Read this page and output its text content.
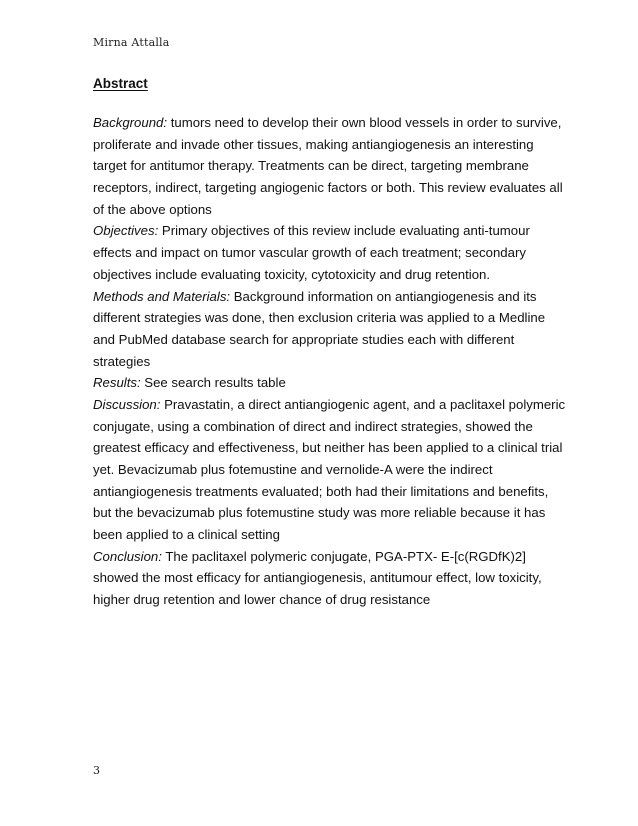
Mirna Attalla
Abstract
Background: tumors need to develop their own blood vessels in order to survive,
proliferate and invade other tissues, making antiangiogenesis an interesting
target for antitumor therapy. Treatments can be direct, targeting membrane
receptors, indirect, targeting angiogenic factors or both. This review evaluates all
of the above options
Objectives: Primary objectives of this review include evaluating anti-tumour
effects and impact on tumor vascular growth of each treatment; secondary
objectives include evaluating toxicity, cytotoxicity and drug retention.
Methods and Materials: Background information on antiangiogenesis and its
different strategies was done, then exclusion criteria was applied to a Medline
and PubMed database search for appropriate studies each with different
strategies
Results: See search results table
Discussion: Pravastatin, a direct antiangiogenic agent, and a paclitaxel polymeric
conjugate, using a combination of direct and indirect strategies, showed the
greatest efficacy and effectiveness, but neither has been applied to a clinical trial
yet. Bevacizumab plus fotemustine and vernolide-A were the indirect
antiangiogenesis treatments evaluated; both had their limitations and benefits,
but the bevacizumab plus fotemustine study was more reliable because it has
been applied to a clinical setting
Conclusion: The paclitaxel polymeric conjugate, PGA-PTX- E-[c(RGDfK)2]
showed the most efficacy for antiangiogenesis, antitumour effect, low toxicity,
higher drug retention and lower chance of drug resistance
3
